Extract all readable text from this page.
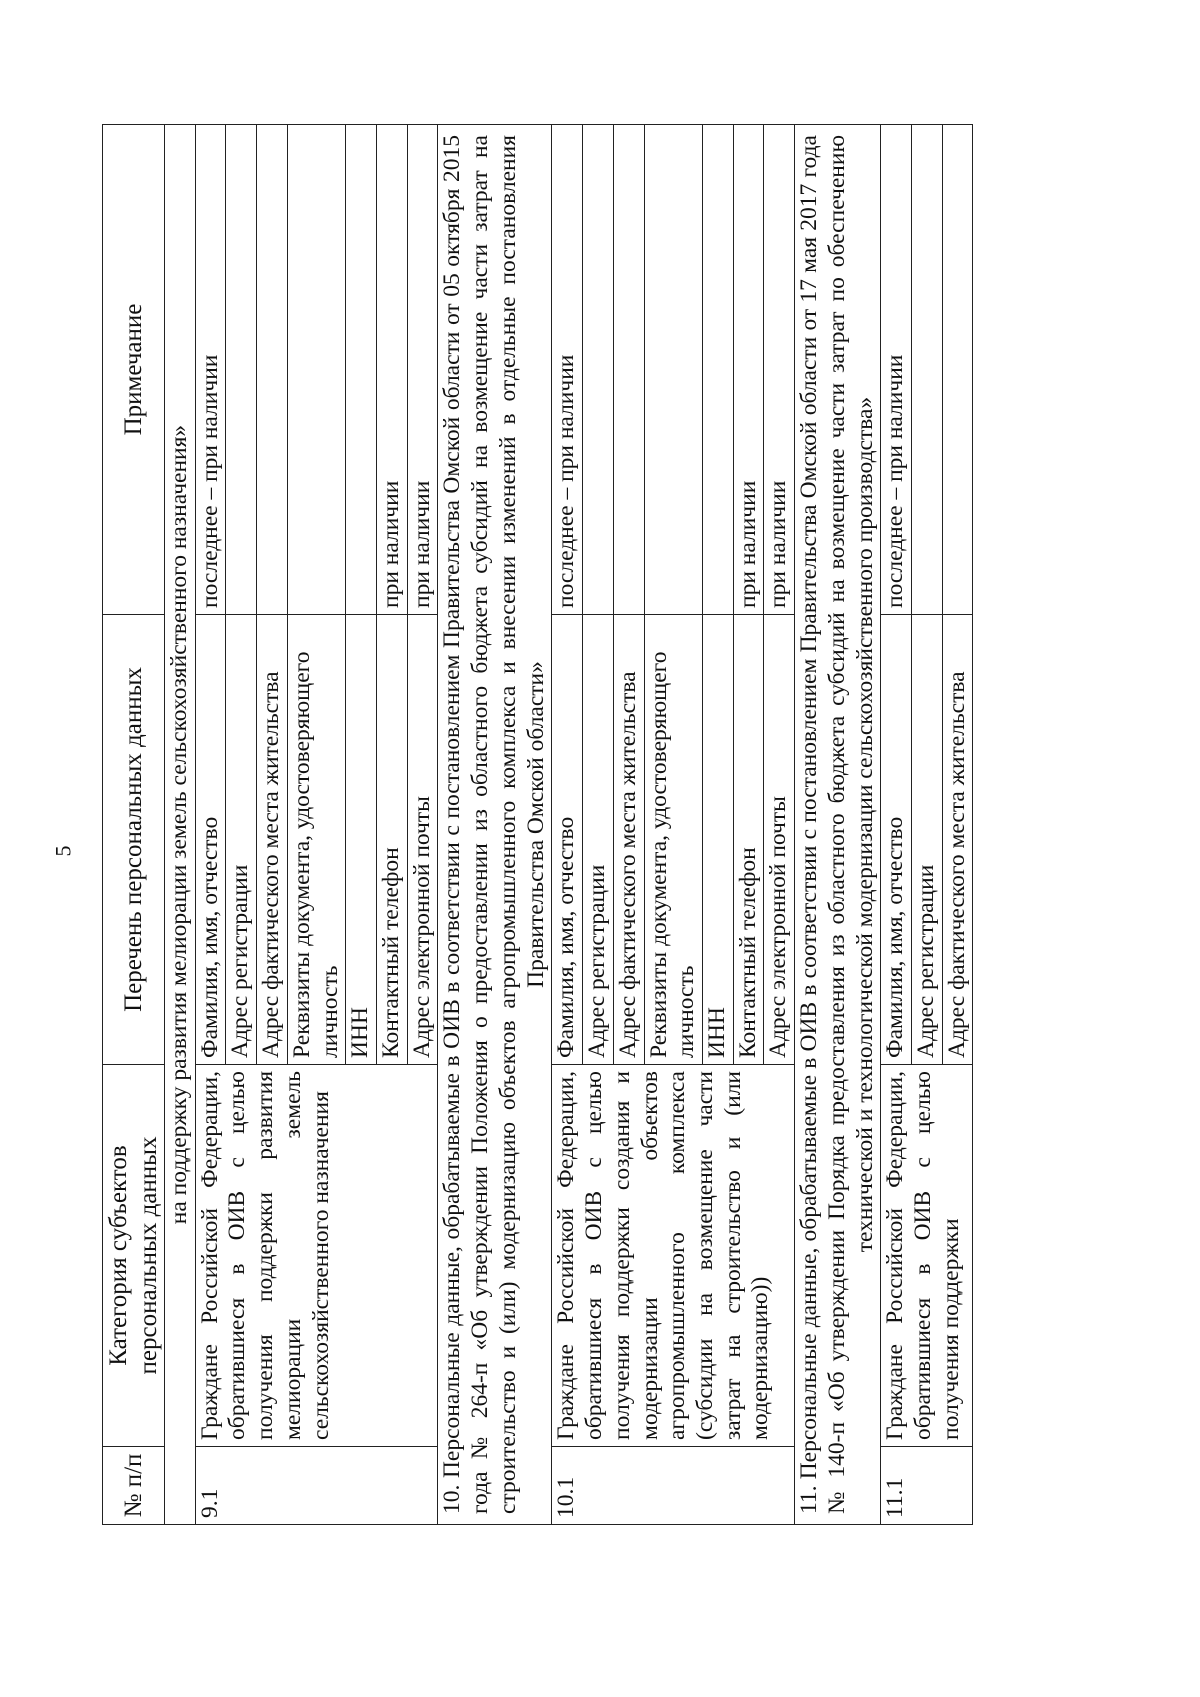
5
№ п/п	Категория субъектов персональных данных	Перечень персональных данных	Примечание
на поддержку развития мелиорации земель сельскохозяйственного назначения»			
9.1	Граждане Российской Федерации, обратившиеся в ОИВ с целью получения поддержки развития мелиорации земель сельскохозяйственного назначения	Фамилия, имя, отчество	последнее – при наличии
		Адрес регистрации	
		Адрес фактического места жительства	
		Реквизиты документа, удостоверяющего личность	
		ИНН	
		Контактный телефон	при наличии
		Адрес электронной почты	при наличии
10. Персональные данные, обрабатываемые в ОИВ в соответствии с постановлением Правительства Омской области от 05 октября 2015 года № 264-п «Об утверждении Положения о предоставлении из областного бюджета субсидий на возмещение части затрат на строительство и (или) модернизацию объектов агропромышленного комплекса и внесении изменений в отдельные постановления Правительства Омской области»			
10.1	Граждане Российской Федерации, обратившиеся в ОИВ с целью получения поддержки создания и модернизации объектов агропромышленного комплекса (субсидии на возмещение части затрат на строительство и (или модернизацию))	Фамилия, имя, отчество	последнее – при наличии
		Адрес регистрации	
		Адрес фактического места жительства	
		Реквизиты документа, удостоверяющего личность	
		ИНН	
		Контактный телефон	при наличии
		Адрес электронной почты	при наличии
11. Персональные данные, обрабатываемые в ОИВ в соответствии с постановлением Правительства Омской области от 17 мая 2017 года № 140-п «Об утверждении Порядка предоставления из областного бюджета субсидий на возмещение части затрат по обеспечению технической и технологической модернизации сельскохозяйственного производства»			
11.1	Граждане Российской Федерации, обратившиеся в ОИВ с целью получения поддержки	Фамилия, имя, отчество	последнее – при наличии
		Адрес регистрации	
		Адрес фактического места жительства	
